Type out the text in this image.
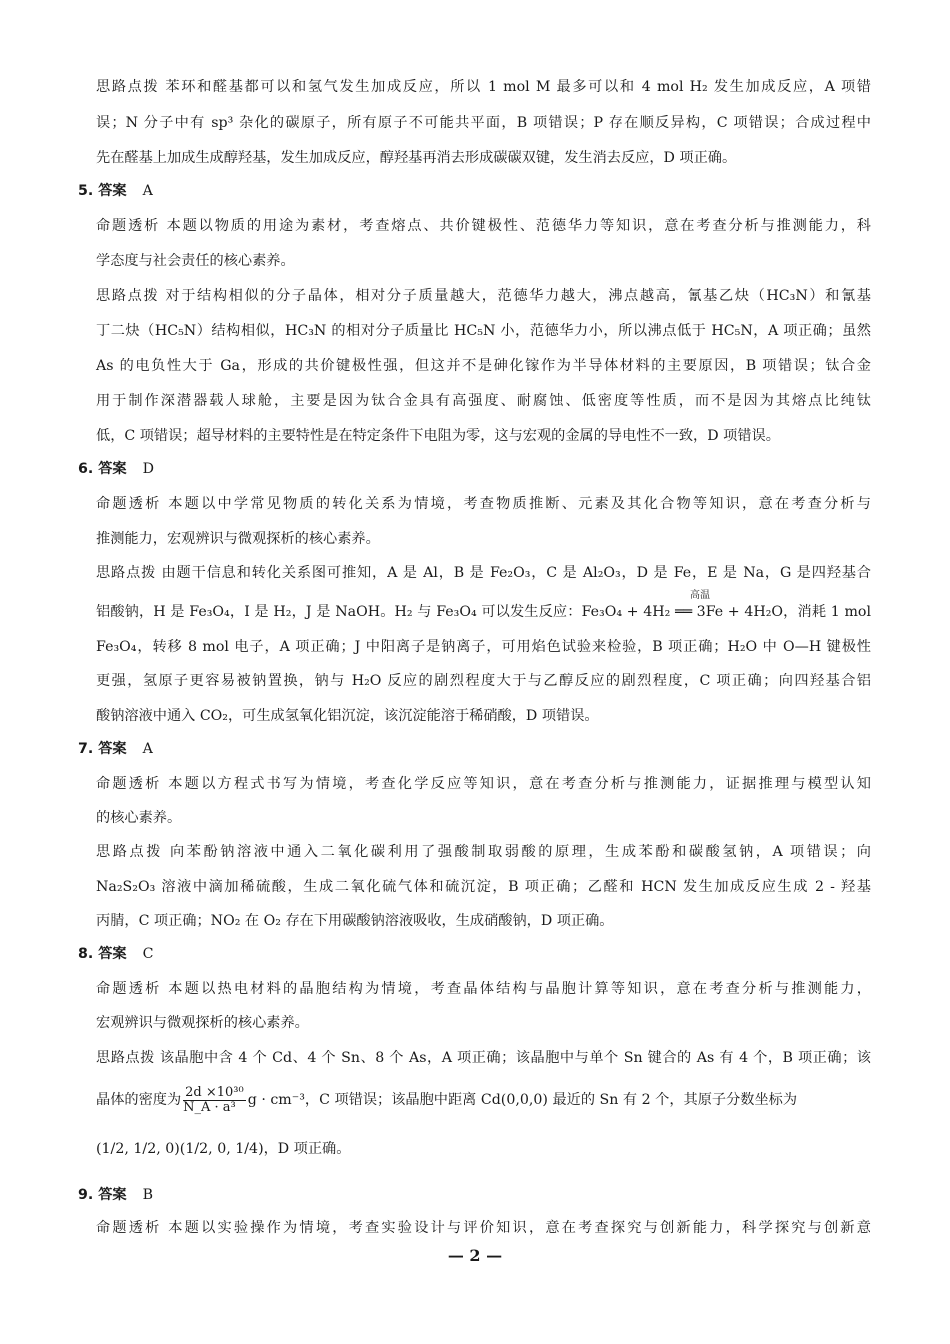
思路点拨 苯环和醛基都可以和氢气发生加成反应，所以 1 mol M 最多可以和 4 mol H₂ 发生加成反应，A 项错
误；N 分子中有 sp³ 杂化的碳原子，所有原子不可能共平面，B 项错误；P 存在顺反异构，C 项错误；合成过程中
先在醛基上加成生成醇羟基，发生加成反应，醇羟基再消去形成碳碳双键，发生消去反应，D 项正确。
5. 答案 A
命题透析 本题以物质的用途为素材，考查熔点、共价键极性、范德华力等知识，意在考查分析与推测能力，科
学态度与社会责任的核心素养。
思路点拨 对于结构相似的分子晶体，相对分子质量越大，范德华力越大，沸点越高，氰基乙炔（HC₃N）和氰基
丁二炔（HC₅N）结构相似，HC₃N 的相对分子质量比 HC₅N 小，范德华力小，所以沸点低于 HC₅N，A 项正确；虽然
As 的电负性大于 Ga，形成的共价键极性强，但这并不是砷化镓作为半导体材料的主要原因，B 项错误；钛合金
用于制作深潜器载人球舱，主要是因为钛合金具有高强度、耐腐蚀、低密度等性质，而不是因为其熔点比纯钛
低，C 项错误；超导材料的主要特性是在特定条件下电阻为零，这与宏观的金属的导电性不一致，D 项错误。
6. 答案 D
命题透析 本题以中学常见物质的转化关系为情境，考查物质推断、元素及其化合物等知识，意在考查分析与
推测能力，宏观辨识与微观探析的核心素养。
思路点拨 由题干信息和转化关系图可推知，A 是 Al，B 是 Fe₂O₃，C 是 Al₂O₃，D 是 Fe，E 是 Na，G 是四羟基合
高温
铝酸钠，H 是 Fe₃O₄，I 是 H₂，J 是 NaOH。H₂ 与 Fe₃O₄ 可以发生反应：Fe₃O₄ + 4H₂ ══ 3Fe + 4H₂O，消耗 1 mol
Fe₃O₄，转移 8 mol 电子，A 项正确；J 中阳离子是钠离子，可用焰色试验来检验，B 项正确；H₂O 中 O—H 键极性
更强，氢原子更容易被钠置换，钠与 H₂O 反应的剧烈程度大于与乙醇反应的剧烈程度，C 项正确；向四羟基合铝
酸钠溶液中通入 CO₂，可生成氢氧化铝沉淀，该沉淀能溶于稀硝酸，D 项错误。
7. 答案 A
命题透析 本题以方程式书写为情境，考查化学反应等知识，意在考查分析与推测能力，证据推理与模型认知
的核心素养。
思路点拨 向苯酚钠溶液中通入二氧化碳利用了强酸制取弱酸的原理，生成苯酚和碳酸氢钠，A 项错误；向
Na₂S₂O₃ 溶液中滴加稀硫酸，生成二氧化硫气体和硫沉淀，B 项正确；乙醛和 HCN 发生加成反应生成 2 - 羟基
丙腈，C 项正确；NO₂ 在 O₂ 存在下用碳酸钠溶液吸收，生成硝酸钠，D 项正确。
8. 答案 C
命题透析 本题以热电材料的晶胞结构为情境，考查晶体结构与晶胞计算等知识，意在考查分析与推测能力，
宏观辨识与微观探析的核心素养。
思路点拨 该晶胞中含 4 个 Cd、4 个 Sn、8 个 As，A 项正确；该晶胞中与单个 Sn 键合的 As 有 4 个，B 项正确；该
晶体的密度为 $\frac{\text{2d ×10³⁰}}{\text{N\_A · a³}}$ g · cm⁻³，C 项错误；该晶胞中距离 Cd(0,0,0) 最近的 Sn 有 2 个，其原子分数坐标为
(1/2, 1/2, 0)(1/2, 0, 1/4)，D 项正确。
9. 答案 B
— 2 —
命题透析 本题以实验操作为情境，考查实验设计与评价知识，意在考查探究与创新能力，科学探究与创新意
